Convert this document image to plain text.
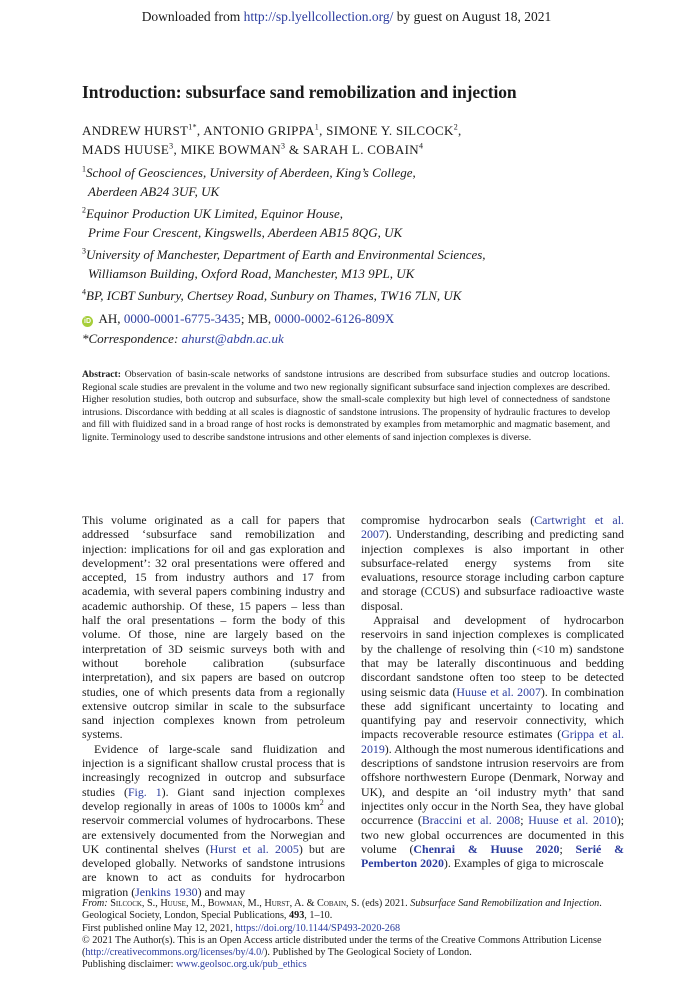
Downloaded from http://sp.lyellcollection.org/ by guest on August 18, 2021
Introduction: subsurface sand remobilization and injection
ANDREW $HURST^{1*}$, ANTONIO GRIPPA$^1$, SIMONE Y. SILCOCK$^2$,
MADS HUUSE$^3$, MIKE BOWMAN$^3$ & SARAH L. COBAIN$^4$
$^1$School of Geosciences, University of Aberdeen, King’s College,
Aberdeen AB24 3UF, UK
$^2$Equinor Production UK Limited, Equinor House,
Prime Four Crescent, Kingswells, Aberdeen AB15 8QG, UK
$^3$University of Manchester, Department of Earth and Environmental Sciences,
Williamson Building, Oxford Road, Manchester, M13 9PL, UK
$^4$BP, ICBT Sunbury, Chertsey Road, Sunbury on Thames, TW16 7LN, UK
iD AH, 0000-0001-6775-3435; MB, 0000-0002-6126-809X
*Correspondence: ahurst@abdn.ac.uk
Abstract: Observation of basin-scale networks of sandstone intrusions are described from subsurface studies and outcrop locations. Regional scale studies are prevalent in the volume and two new regionally significant subsurface sand injection complexes are described. Higher resolution studies, both outcrop and subsurface, show the small-scale complexity but high level of connectedness of sandstone intrusions. Discordance with bedding at all scales is diagnostic of sandstone intrusions. The propensity of hydraulic fractures to develop and fill with fluidized sand in a broad range of host rocks is demonstrated by examples from metamorphic and magmatic basement, and lignite. Terminology used to describe sandstone intrusions and other elements of sand injection complexes is diverse.

This volume originated as a call for papers that addressed ‘subsurface sand remobilization and injection: implications for oil and gas exploration and development’: 32 oral presentations were offered and accepted, 15 from industry authors and 17 from academia, with several papers combining industry and academic authorship. Of these, 15 papers – less than half the oral presentations – form the body of this volume. Of those, nine are largely based on the interpretation of 3D seismic surveys both with and without borehole calibration (subsurface interpretation), and six papers are based on outcrop studies, one of which presents data from a regionally extensive outcrop similar in scale to the subsurface sand injection complexes known from petroleum systems.

Evidence of large-scale sand fluidization and injection is a significant shallow crustal process that is increasingly recognized in outcrop and subsurface studies (Fig. 1). Giant sand injection complexes develop regionally in areas of 100s to 1000s $km^2$ and reservoir commercial volumes of hydrocarbons. These are extensively documented from the Norwegian and UK continental shelves (Hurst et al. 2005) but are developed globally. Networks of sandstone intrusions are known to act as conduits for hydrocarbon migration (Jenkins 1930) and may

compromise hydrocarbon seals (Cartwright et al. 2007). Understanding, describing and predicting sand injection complexes is also important in other subsurface-related energy systems from site evaluations, resource storage including carbon capture and storage (CCUS) and subsurface radioactive waste disposal.

Appraisal and development of hydrocarbon reservoirs in sand injection complexes is complicated by the challenge of resolving thin (<10 m) sandstone that may be laterally discontinuous and bedding discordant sandstone often too steep to be detected using seismic data (Huuse et al. 2007). In combination these add significant uncertainty to locating and quantifying pay and reservoir connectivity, which impacts recoverable resource estimates (Grippa et al. 2019). Although the most numerous identifications and descriptions of sandstone intrusion reservoirs are from offshore northwestern Europe (Denmark, Norway and UK), and despite an ‘oil industry myth’ that sand injectites only occur in the North Sea, they have global occurrence (Braccini et al. 2008; Huuse et al. 2010); two new global occurrences are documented in this volume (Chenrai & Huuse 2020; Serié & Pemberton 2020). Examples of giga to microscale

From: Silcock, S., Huuse, M., Bowman, M., Hurst, A. & Cobain, S. (eds) 2021. Subsurface Sand Remobilization and Injection. Geological Society, London, Special Publications, 493, 1–10.
First published online May 12, 2021, https://doi.org/10.1144/SP493-2020-268
© 2021 The Author(s). This is an Open Access article distributed under the terms of the Creative Commons Attribution License (http://creativecommons.org/licenses/by/4.0/). Published by The Geological Society of London.
Publishing disclaimer: www.geolsoc.org.uk/pub_ethics
